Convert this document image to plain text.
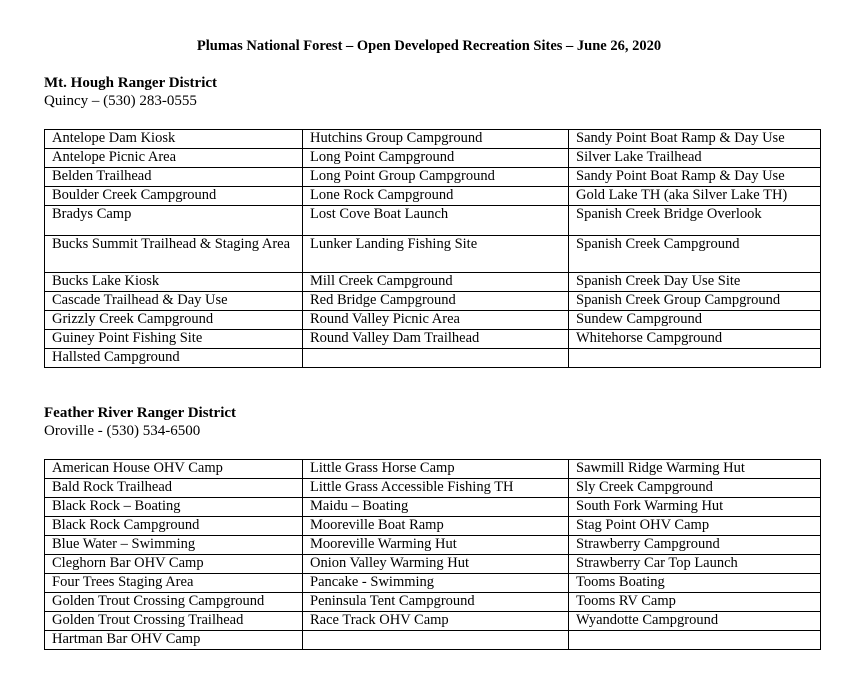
Plumas National Forest – Open Developed Recreation Sites – June 26, 2020
Mt. Hough Ranger District
Quincy – (530) 283-0555
Antelope Dam Kiosk	Hutchins Group Campground	Sandy Point Boat Ramp & Day Use
Antelope Picnic Area	Long Point Campground	Silver Lake Trailhead
Belden Trailhead	Long Point Group Campground	Sandy Point Boat Ramp & Day Use
Boulder Creek Campground	Lone Rock Campground	Gold Lake TH (aka Silver Lake TH)
Bradys Camp	Lost Cove Boat Launch	Spanish Creek Bridge Overlook
Bucks Summit Trailhead & Staging Area	Lunker Landing Fishing Site	Spanish Creek Campground
Bucks Lake Kiosk	Mill Creek Campground	Spanish Creek Day Use Site
Cascade Trailhead & Day Use	Red Bridge Campground	Spanish Creek Group Campground
Grizzly Creek Campground	Round Valley Picnic Area	Sundew Campground
Guiney Point Fishing Site	Round Valley Dam Trailhead	Whitehorse Campground
Hallsted Campground		
Feather River Ranger District
Oroville - (530) 534-6500
American House OHV Camp	Little Grass Horse Camp	Sawmill Ridge Warming Hut
Bald Rock Trailhead	Little Grass Accessible Fishing TH	Sly Creek Campground
Black Rock – Boating	Maidu – Boating	South Fork Warming Hut
Black Rock Campground	Mooreville Boat Ramp	Stag Point OHV Camp
Blue Water – Swimming	Mooreville Warming Hut	Strawberry Campground
Cleghorn Bar OHV Camp	Onion Valley Warming Hut	Strawberry Car Top Launch
Four Trees Staging Area	Pancake - Swimming	Tooms Boating
Golden Trout Crossing Campground	Peninsula Tent Campground	Tooms RV Camp
Golden Trout Crossing Trailhead	Race Track OHV Camp	Wyandotte Campground
Hartman Bar OHV Camp		
